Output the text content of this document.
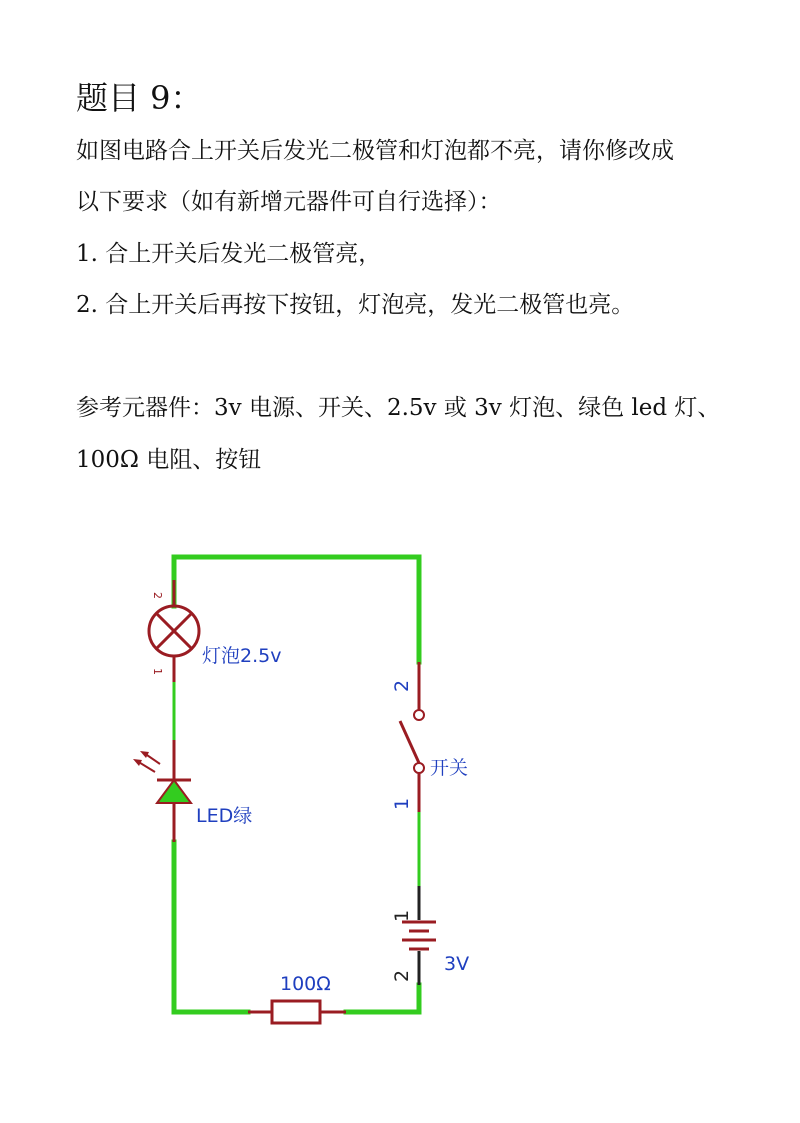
题目 9：

如图电路合上开关后发光二极管和灯泡都不亮，请你修改成

以下要求（如有新增元器件可自行选择）：

1. 合上开关后发光二极管亮，

2. 合上开关后再按下按钮，灯泡亮，发光二极管也亮。

参考元器件：3v 电源、开关、2.5v 或 3v 灯泡、绿色 led 灯、

100Ω 电阻、按钮

2
1
灯泡2.5v
LED绿
2
1
开关
1
2
3V
100Ω
